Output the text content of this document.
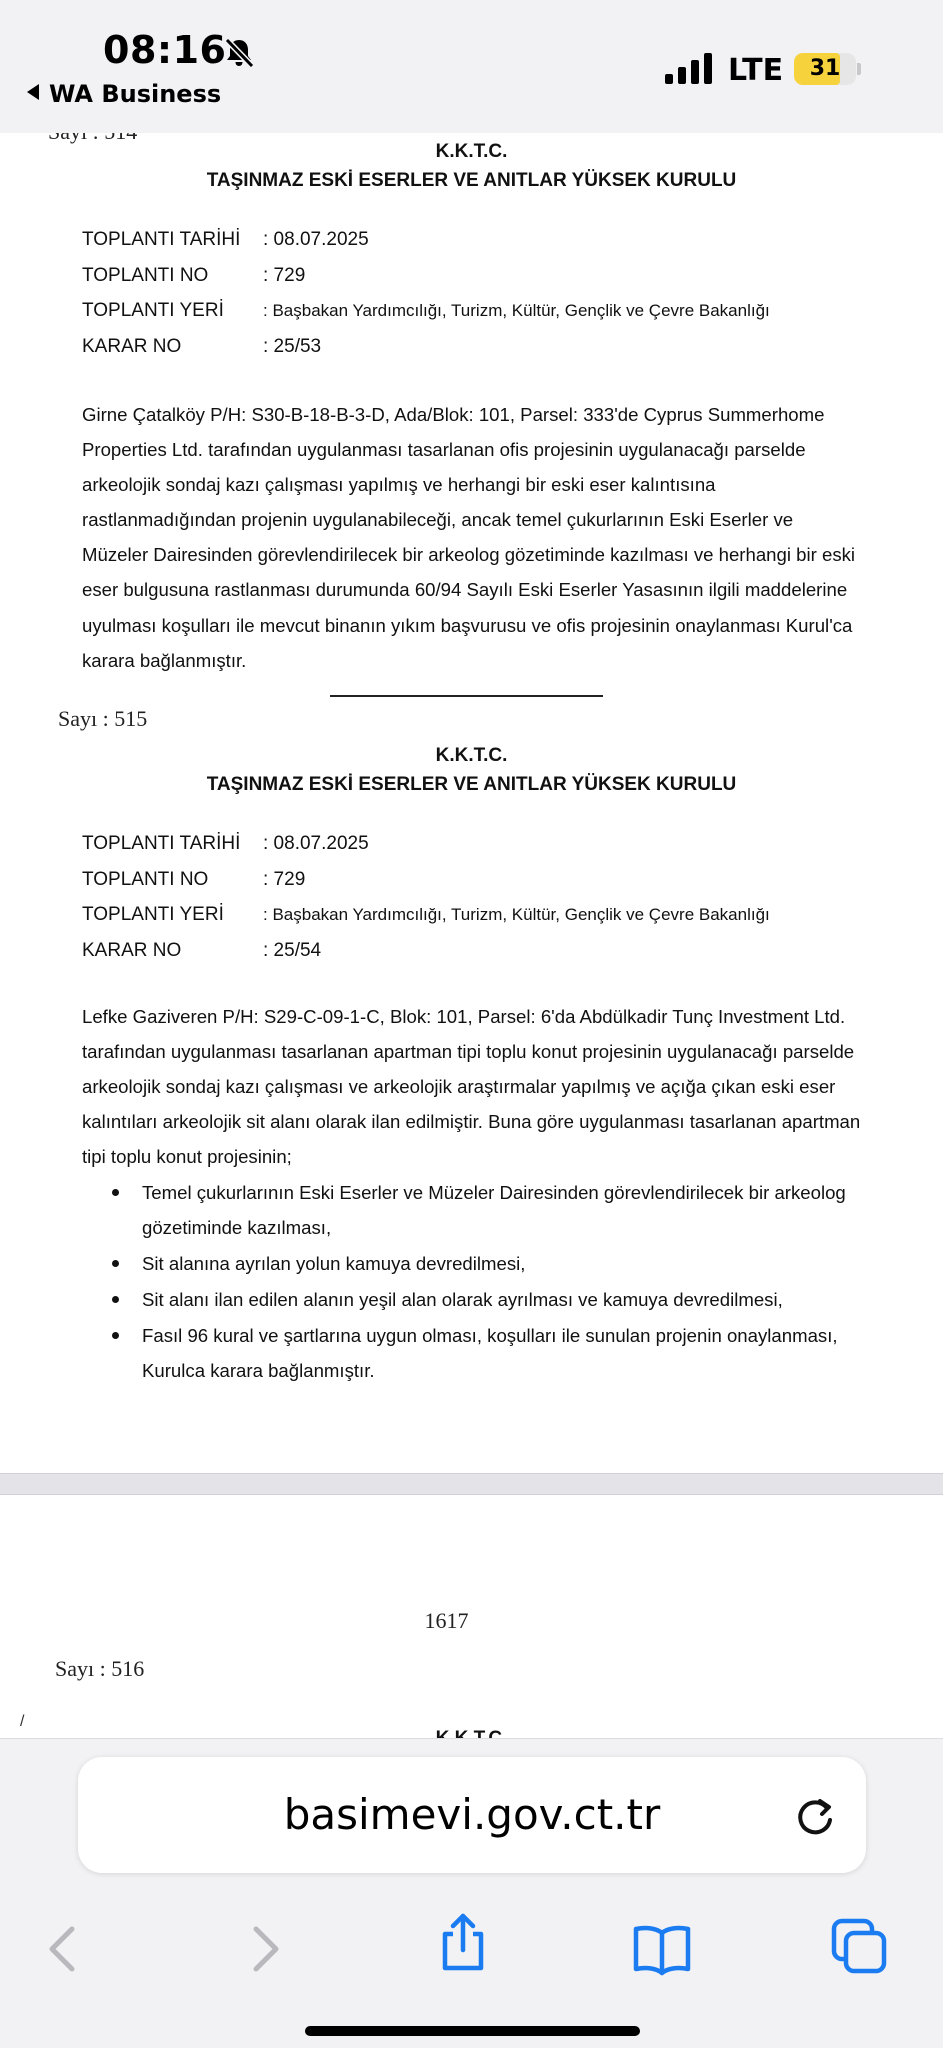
08:16
WA Business
LTE	31
K.K.T.C.
TAŞINMAZ ESKİ ESERLER VE ANITLAR YÜKSEK KURULU
TOPLANTI TARİHİ : 08.07.2025
TOPLANTI NO	: 729
TOPLANTI YERİ : Başbakan Yardımcılığı, Turizm, Kültür, Gençlik ve Çevre Bakanlığı
KARAR NO	: 25/53

Girne Çatalköy P/H: S30-B-18-B-3-D, Ada/Blok: 101, Parsel: 333'de Cyprus Summerhome Properties Ltd. tarafından uygulanması tasarlanan ofis projesinin uygulanacağı parselde arkeolojik sondaj kazı çalışması yapılmış ve herhangi bir eski eser kalıntısına rastlanmadığından projenin uygulanabileceği, ancak temel çukurlarının Eski Eserler ve Müzeler Dairesinden görevlendirilecek bir arkeolog gözetiminde kazılması ve herhangi bir eski eser bulgusuna rastlanması durumunda 60/94 Sayılı Eski Eserler Yasasının ilgili maddelerine uyulması koşulları ile mevcut binanın yıkım başvurusu ve ofis projesinin onaylanması Kurul'ca karara bağlanmıştır.

Sayı : 515
K.K.T.C.
TAŞINMAZ ESKİ ESERLER VE ANITLAR YÜKSEK KURULU
TOPLANTI TARİHİ : 08.07.2025
TOPLANTI NO	: 729
TOPLANTI YERİ : Başbakan Yardımcılığı, Turizm, Kültür, Gençlik ve Çevre Bakanlığı
KARAR NO	: 25/54

Lefke Gaziveren P/H: S29-C-09-1-C, Blok: 101, Parsel: 6'da Abdülkadir Tunç Investment Ltd. tarafından uygulanması tasarlanan apartman tipi toplu konut projesinin uygulanacağı parselde arkeolojik sondaj kazı çalışması ve arkeolojik araştırmalar yapılmış ve açığa çıkan eski eser kalıntıları arkeolojik sit alanı olarak ilan edilmiştir. Buna göre uygulanması tasarlanan apartman tipi toplu konut projesinin;

Temel çukurlarının Eski Eserler ve Müzeler Dairesinden görevlendirilecek bir arkeolog gözetiminde kazılması,
Sit alanına ayrılan yolun kamuya devredilmesi,
Sit alanı ilan edilen alanın yeşil alan olarak ayrılması ve kamuya devredilmesi,
Fasıl 96 kural ve şartlarına uygun olması, koşulları ile sunulan projenin onaylanması, Kurulca karara bağlanmıştır.
1617
Sayı : 516
/
basimevi.gov.ct.tr
